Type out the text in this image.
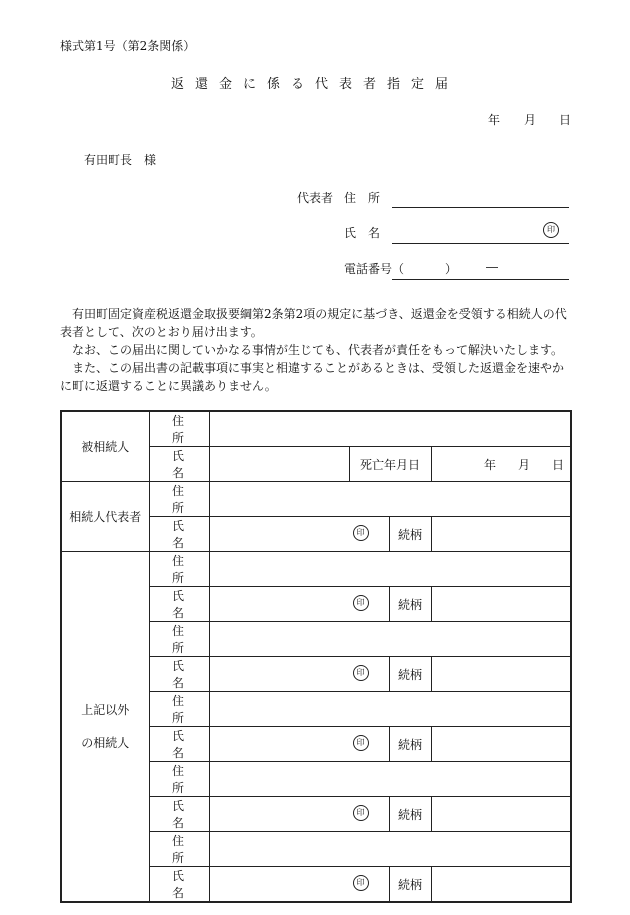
様式第1号（第2条関係）
返還金に係る代表者指定届
年 月 日
有田町長　様
代表者 住　所
氏　名	印
電話番号（	） ―

有田町固定資産税返還金取扱要綱第2条第2項の規定に基づき、返還金を受領する相続人の代表者として、次のとおり届け出ます。

なお、この届出に関していかなる事情が生じても、代表者が責任をもって解決いたします。

また、この届出書の記載事項に事実と相違することがあるときは、受領した返還金を速やかに町に返還することに異議ありません。

被相続人	住　所				
	氏　名		死亡年月日		年 月 日
相続人代表者	住　所				
	氏　名	印		続柄	

上記以外
の相続人	住　所				
	氏　名	印		続柄	
	住　所				
	氏　名	印		続柄	
	住　所				
	氏　名	印		続柄	
	住　所				
	氏　名	印		続柄	
	住　所				
	氏　名	印		続柄	
